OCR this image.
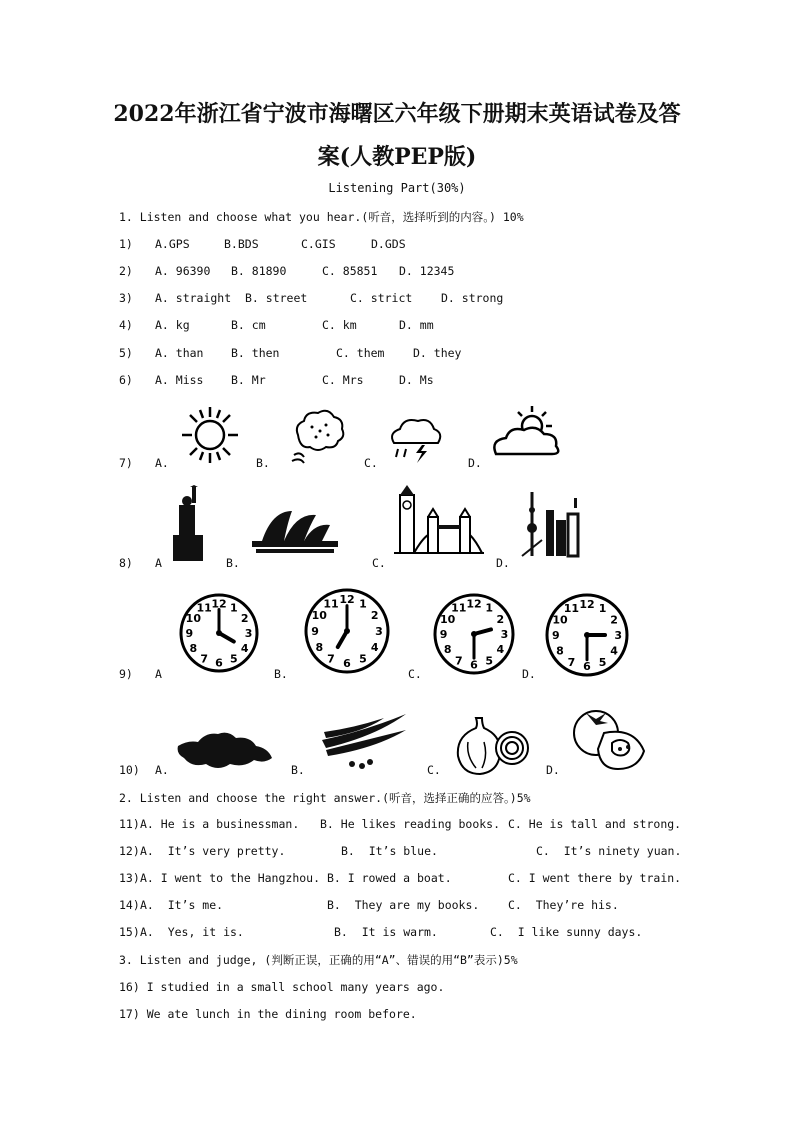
2022年浙江省宁波市海曙区六年级下册期末英语试卷及答
案(人教PEP版)
Listening Part(30%)
1. Listen and choose what you hear.(听音，选择听到的内容。) 10%
1) A.GPS	B.BDS	C.GIS	D.GDS
2) A. 96390 B. 81890	C. 85851 D. 12345
3) A. straight B. street	C. strict D. strong
4) A. kg	B. cm	C. km	D. mm
5) A. than B. then	C. them D. they
6) A. Miss B. Mr	C. Mrs	D. Ms
7) A.	B.	C.	D.
8) A	B.	C.	D.
9) A	B.	C.	D.
1
2
3
4
5
6
7
8
9
10
11 12	1
2
3
4
5
6
7
8
9
10
11 12
1
2
3
4
5
6
7
8
9
10
11 12	1
2
3
4
5
6
7
8
9
10
11 12
10) A.	B.	C.	D.
2. Listen and choose the right answer.(听音，选择正确的应答。)5%
11) A. He is a businessman. B. He likes reading books. C. He is tall and strong.
12) A.  It’s very pretty.	B.  It’s blue.	C.  It’s ninety yuan.
13) A. I went to the Hangzhou. B. I rowed a boat.	C. I went there by train.
14) A.  It’s me.	B.  They are my books. C.  They’re his.
15) A.  Yes, it is.	B.  It is warm.	C.  I like sunny days.
3. Listen and judge, (判断正误，正确的用“A”、错误的用“B”表示)5%
16) I studied in a small school many years ago.
17) We ate lunch in the dining room before.
